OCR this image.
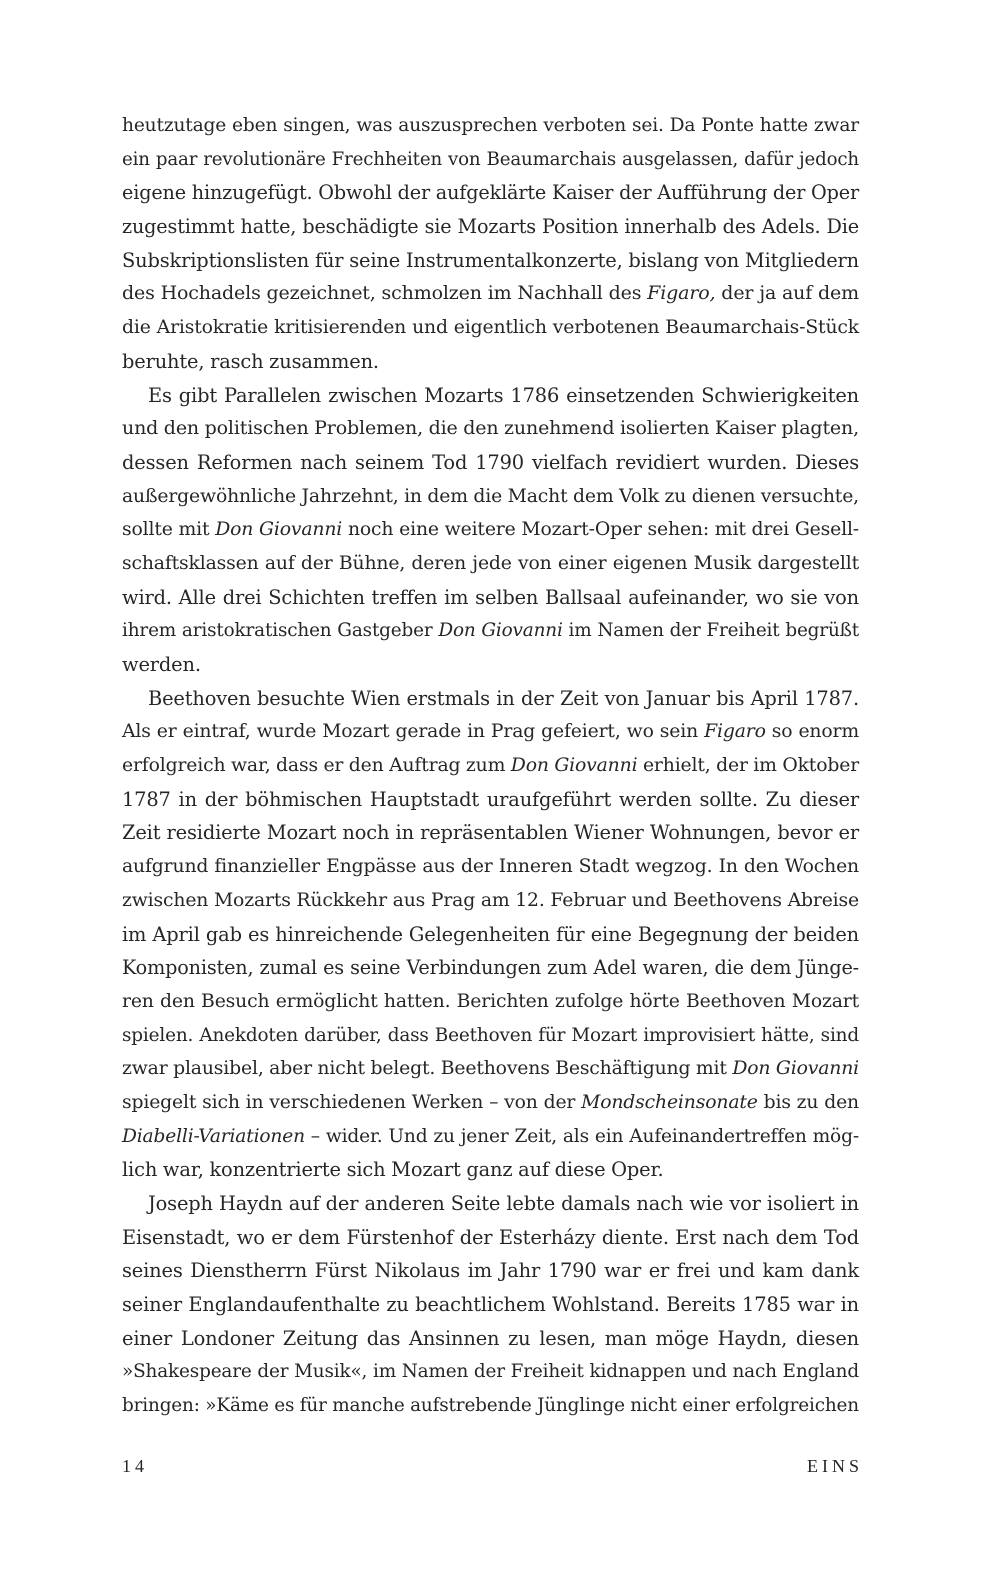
heutzutage eben singen, was auszusprechen verboten sei. Da Ponte hatte zwar
ein paar revolutionäre Frechheiten von Beaumarchais ausgelassen, dafür jedoch
eigene hinzugefügt. Obwohl der aufgeklärte Kaiser der Aufführung der Oper
zugestimmt hatte, beschädigte sie Mozarts Position innerhalb des Adels. Die
Subskriptionslisten für seine Instrumentalkonzerte, bislang von Mitgliedern
des Hochadels gezeichnet, schmolzen im Nachhall des Figaro, der ja auf dem
die Aristokratie kritisierenden und eigentlich verbotenen Beaumarchais-Stück
beruhte, rasch zusammen.
Es gibt Parallelen zwischen Mozarts 1786 einsetzenden Schwierigkeiten
und den politischen Problemen, die den zunehmend isolierten Kaiser plagten,
dessen Reformen nach seinem Tod 1790 vielfach revidiert wurden. Dieses
außergewöhnliche Jahrzehnt, in dem die Macht dem Volk zu dienen versuchte,
sollte mit Don Giovanni noch eine weitere Mozart-Oper sehen: mit drei Gesell-
schaftsklassen auf der Bühne, deren jede von einer eigenen Musik dargestellt
wird. Alle drei Schichten treffen im selben Ballsaal aufeinander, wo sie von
ihrem aristokratischen Gastgeber Don Giovanni im Namen der Freiheit begrüßt
werden.
Beethoven besuchte Wien erstmals in der Zeit von Januar bis April 1787.
Als er eintraf, wurde Mozart gerade in Prag gefeiert, wo sein Figaro so enorm
erfolgreich war, dass er den Auftrag zum Don Giovanni erhielt, der im Oktober
1787 in der böhmischen Hauptstadt uraufgeführt werden sollte. Zu dieser
Zeit residierte Mozart noch in repräsentablen Wiener Wohnungen, bevor er
aufgrund finanzieller Engpässe aus der Inneren Stadt wegzog. In den Wochen
zwischen Mozarts Rückkehr aus Prag am 12. Februar und Beethovens Abreise
im April gab es hinreichende Gelegenheiten für eine Begegnung der beiden
Komponisten, zumal es seine Verbindungen zum Adel waren, die dem Jünge-
ren den Besuch ermöglicht hatten. Berichten zufolge hörte Beethoven Mozart
spielen. Anekdoten darüber, dass Beethoven für Mozart improvisiert hätte, sind
zwar plausibel, aber nicht belegt. Beethovens Beschäftigung mit Don Giovanni
spiegelt sich in verschiedenen Werken – von der Mondscheinsonate bis zu den
Diabelli-Variationen – wider. Und zu jener Zeit, als ein Aufeinandertreffen mög-
lich war, konzentrierte sich Mozart ganz auf diese Oper.
Joseph Haydn auf der anderen Seite lebte damals nach wie vor isoliert in
Eisenstadt, wo er dem Fürstenhof der Esterházy diente. Erst nach dem Tod
seines Dienstherrn Fürst Nikolaus im Jahr 1790 war er frei und kam dank
seiner Englandaufenthalte zu beachtlichem Wohlstand. Bereits 1785 war in
einer Londoner Zeitung das Ansinnen zu lesen, man möge Haydn, diesen
»Shakespeare der Musik«, im Namen der Freiheit kidnappen und nach England
bringen: »Käme es für manche aufstrebende Jünglinge nicht einer erfolgreichen
14	EINS
